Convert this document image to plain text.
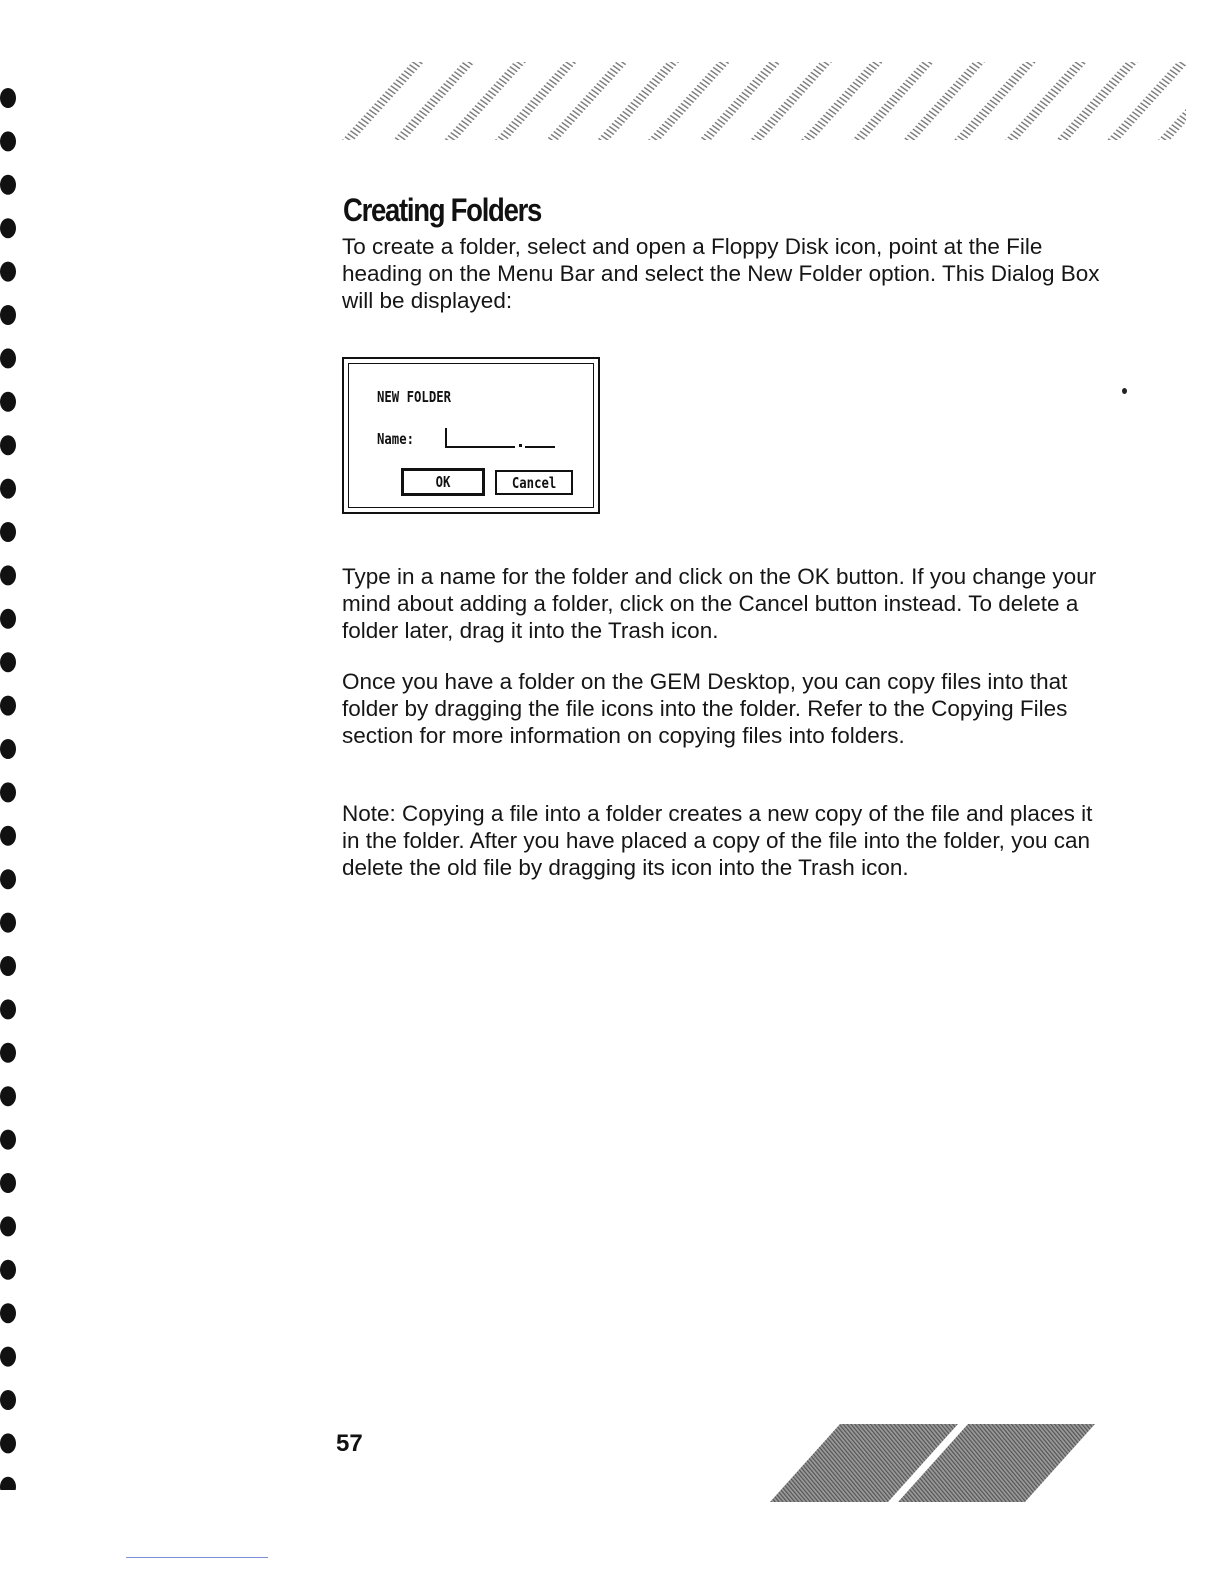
Creating Folders

To create a folder, select and open a Floppy Disk icon, point at the File heading on the Menu Bar and select the New Folder option. This Dialog Box will be displayed:

NEW FOLDER
Name:
OK	Cancel

Type in a name for the folder and click on the OK button. If you change your mind about adding a folder, click on the Cancel button instead. To delete a folder later, drag it into the Trash icon.

Once you have a folder on the GEM Desktop, you can copy files into that folder by dragging the file icons into the folder. Refer to the Copying Files section for more information on copying files into folders.

Note: Copying a file into a folder creates a new copy of the file and places it in the folder. After you have placed a copy of the file into the folder, you can delete the old file by dragging its icon into the Trash icon.

57
